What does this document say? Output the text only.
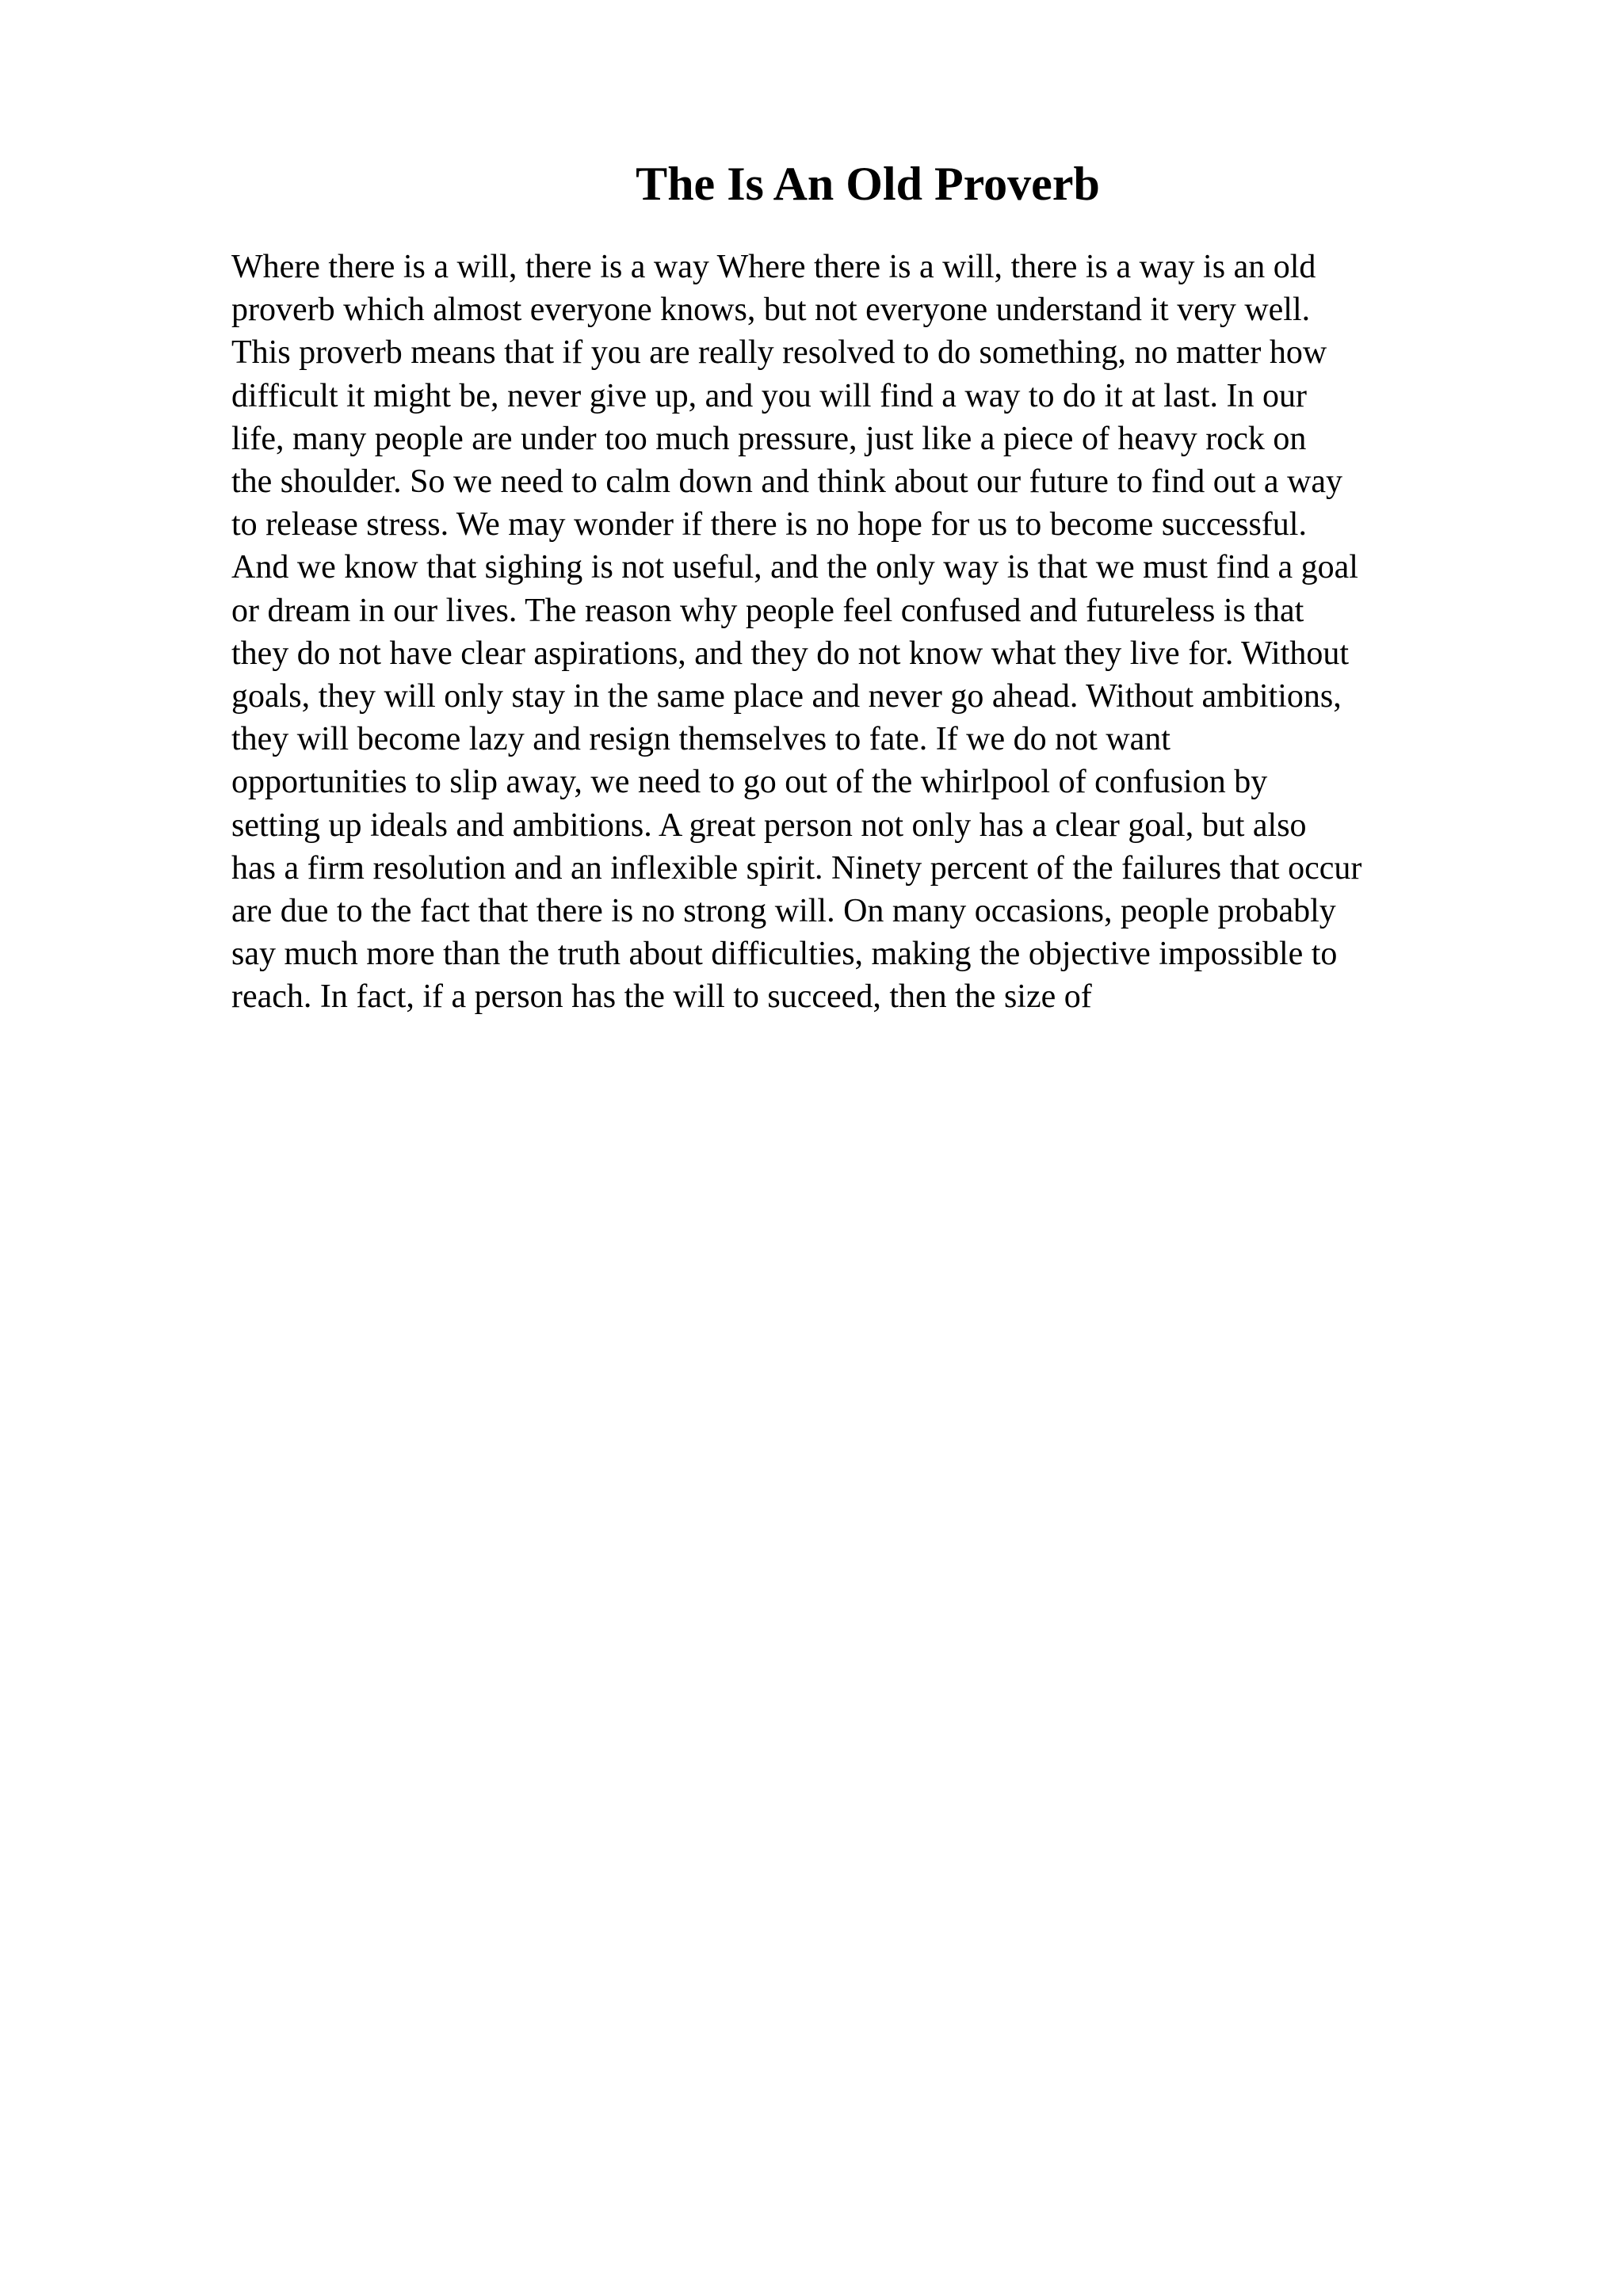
The Is An Old Proverb
Where there is a will, there is a way Where there is a will, there is a way is an old
proverb which almost everyone knows, but not everyone understand it very well.
This proverb means that if you are really resolved to do something, no matter how
difficult it might be, never give up, and you will find a way to do it at last. In our
life, many people are under too much pressure, just like a piece of heavy rock on
the shoulder. So we need to calm down and think about our future to find out a way
to release stress. We may wonder if there is no hope for us to become successful.
And we know that sighing is not useful, and the only way is that we must find a goal
or dream in our lives. The reason why people feel confused and futureless is that
they do not have clear aspirations, and they do not know what they live for. Without
goals, they will only stay in the same place and never go ahead. Without ambitions,
they will become lazy and resign themselves to fate. If we do not want
opportunities to slip away, we need to go out of the whirlpool of confusion by
setting up ideals and ambitions. A great person not only has a clear goal, but also
has a firm resolution and an inflexible spirit. Ninety percent of the failures that occur
are due to the fact that there is no strong will. On many occasions, people probably
say much more than the truth about difficulties, making the objective impossible to
reach. In fact, if a person has the will to succeed, then the size of
